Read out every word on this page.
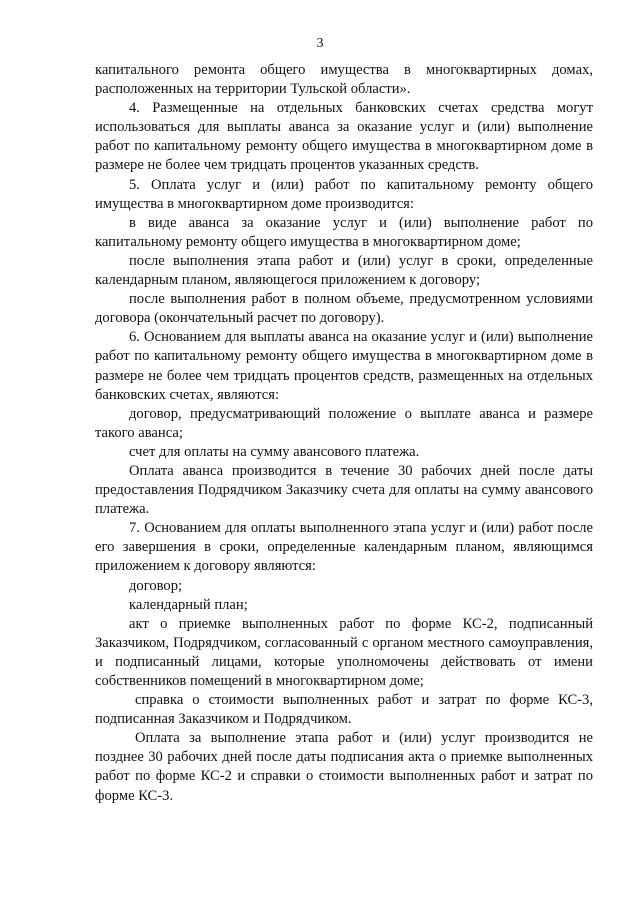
3

капитального ремонта общего имущества в многоквартирных домах, расположенных на территории Тульской области».

4. Размещенные на отдельных банковских счетах средства могут использоваться для выплаты аванса за оказание услуг и (или) выполнение работ по капитальному ремонту общего имущества в многоквартирном доме в размере не более чем тридцать процентов указанных средств.

5. Оплата услуг и (или) работ по капитальному ремонту общего имущества в многоквартирном доме производится:

в виде аванса за оказание услуг и (или) выполнение работ по капитальному ремонту общего имущества в многоквартирном доме;

после выполнения этапа работ и (или) услуг в сроки, определенные календарным планом, являющегося приложением к договору;

после выполнения работ в полном объеме, предусмотренном условиями договора (окончательный расчет по договору).

6. Основанием для выплаты аванса на оказание услуг и (или) выполнение работ по капитальному ремонту общего имущества в многоквартирном доме в размере не более чем тридцать процентов средств, размещенных на отдельных банковских счетах, являются:

договор, предусматривающий положение о выплате аванса и размере такого аванса;

счет для оплаты на сумму авансового платежа.

Оплата аванса производится в течение 30 рабочих дней после даты предоставления Подрядчиком Заказчику счета для оплаты на сумму авансового платежа.

7. Основанием для оплаты выполненного этапа услуг и (или) работ после его завершения в сроки, определенные календарным планом, являющимся приложением к договору являются:

договор;

календарный план;

акт о приемке выполненных работ по форме КС-2, подписанный Заказчиком, Подрядчиком, согласованный с органом местного самоуправления, и подписанный лицами, которые уполномочены действовать от имени собственников помещений в многоквартирном доме;

справка о стоимости выполненных работ и затрат по форме КС-3, подписанная Заказчиком и Подрядчиком.

Оплата за выполнение этапа работ и (или) услуг производится не позднее 30 рабочих дней после даты подписания акта о приемке выполненных работ по форме КС-2 и справки о стоимости выполненных работ и затрат по форме КС-3.
